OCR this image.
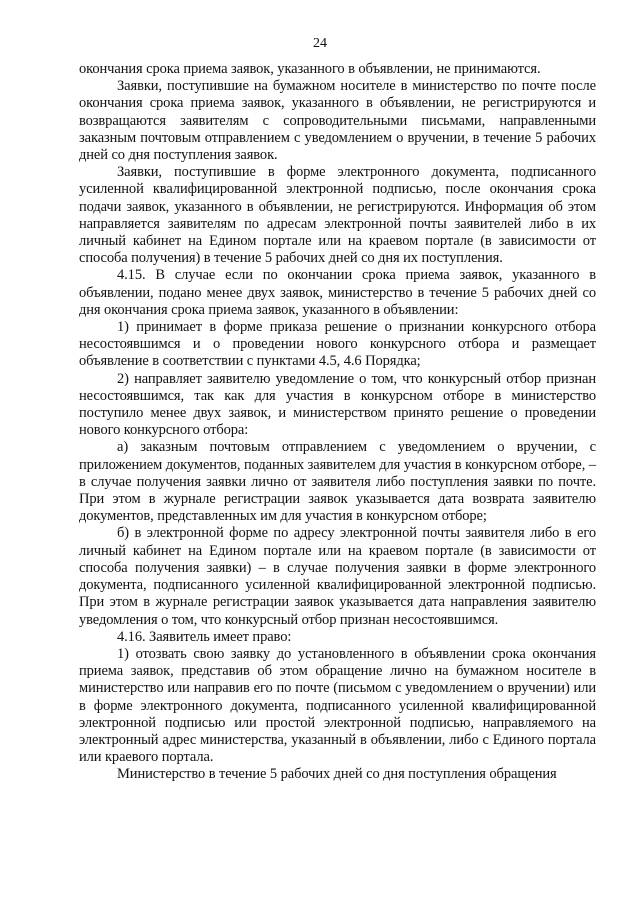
24

окончания срока приема заявок, указанного в объявлении, не принимаются.

Заявки, поступившие на бумажном носителе в министерство по почте после окончания срока приема заявок, указанного в объявлении, не регистрируются и возвращаются заявителям с сопроводительными письмами, направленными заказным почтовым отправлением с уведомлением о вручении, в течение 5 рабочих дней со дня поступления заявок.

Заявки, поступившие в форме электронного документа, подписанного усиленной квалифицированной электронной подписью, после окончания срока подачи заявок, указанного в объявлении, не регистрируются. Информация об этом направляется заявителям по адресам электронной почты заявителей либо в их личный кабинет на Едином портале или на краевом портале (в зависимости от способа получения) в течение 5 рабочих дней со дня их поступления.

4.15. В случае если по окончании срока приема заявок, указанного в объявлении, подано менее двух заявок, министерство в течение 5 рабочих дней со дня окончания срока приема заявок, указанного в объявлении:

1) принимает в форме приказа решение о признании конкурсного отбора несостоявшимся и о проведении нового конкурсного отбора и размещает объявление в соответствии с пунктами 4.5, 4.6 Порядка;

2) направляет заявителю уведомление о том, что конкурсный отбор признан несостоявшимся, так как для участия в конкурсном отборе в министерство поступило менее двух заявок, и министерством принято решение о проведении нового конкурсного отбора:

а) заказным почтовым отправлением с уведомлением о вручении, с приложением документов, поданных заявителем для участия в конкурсном отборе, – в случае получения заявки лично от заявителя либо поступления заявки по почте. При этом в журнале регистрации заявок указывается дата возврата заявителю документов, представленных им для участия в конкурсном отборе;

б) в электронной форме по адресу электронной почты заявителя либо в его личный кабинет на Едином портале или на краевом портале (в зависимости от способа получения заявки) – в случае получения заявки в форме электронного документа, подписанного усиленной квалифицированной электронной подписью. При этом в журнале регистрации заявок указывается дата направления заявителю уведомления о том, что конкурсный отбор признан несостоявшимся.

4.16. Заявитель имеет право:

1) отозвать свою заявку до установленного в объявлении срока окончания приема заявок, представив об этом обращение лично на бумажном носителе в министерство или направив его по почте (письмом с уведомлением о вручении) или в форме электронного документа, подписанного усиленной квалифицированной электронной подписью или простой электронной подписью, направляемого на электронный адрес министерства, указанный в объявлении, либо с Единого портала или краевого портала.

Министерство в течение 5 рабочих дней со дня поступления обращения
